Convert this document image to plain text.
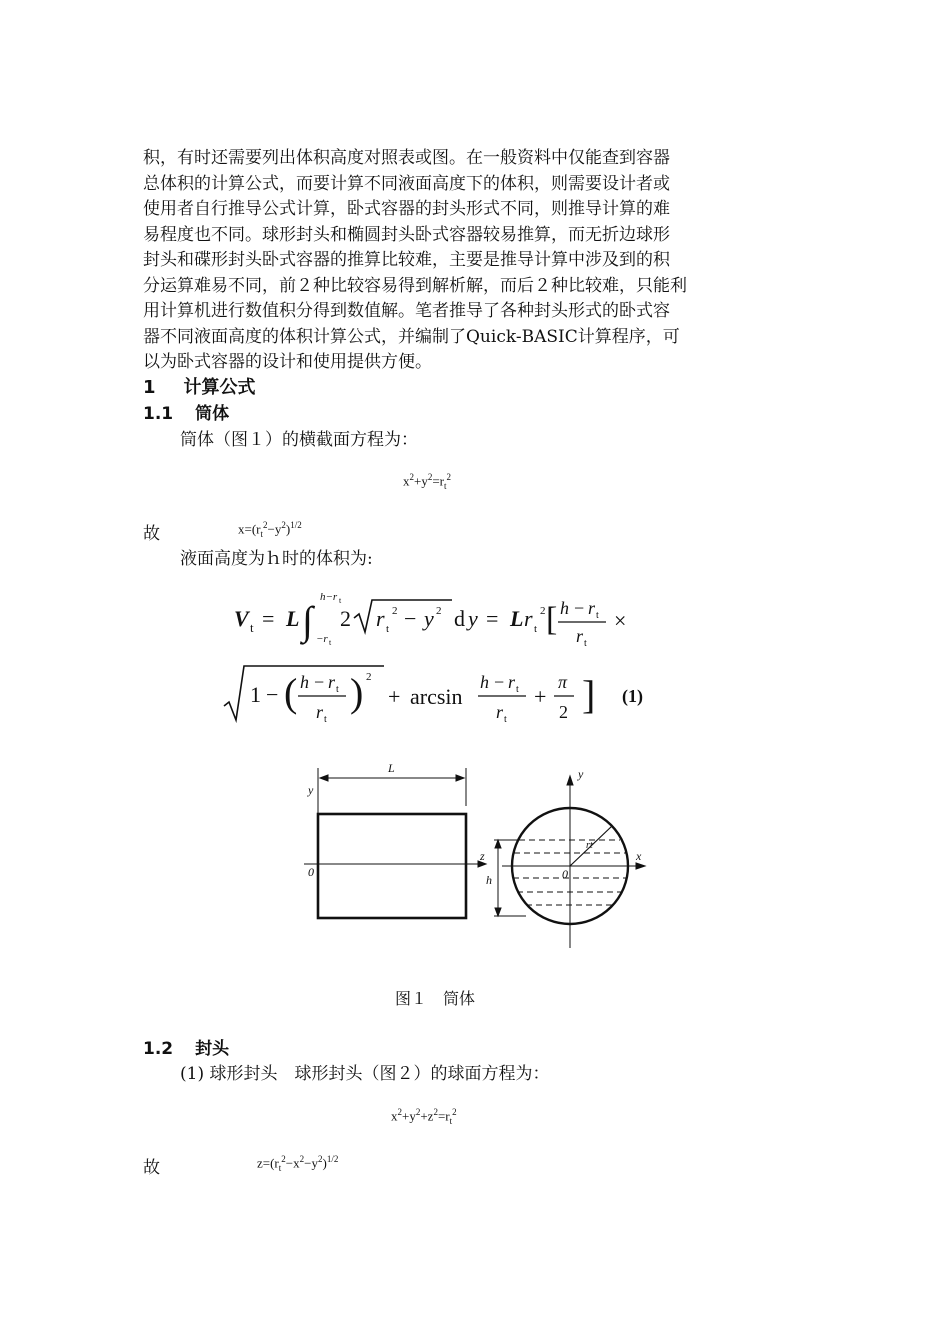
积，有时还需要列出体积高度对照表或图。在一般资料中仅能查到容器
总体积的计算公式，而要计算不同液面高度下的体积，则需要设计者或
使用者自行推导公式计算，卧式容器的封头形式不同，则推导计算的难
易程度也不同。球形封头和椭圆封头卧式容器较易推算，而无折边球形
封头和碟形封头卧式容器的推算比较难，主要是推导计算中涉及到的积
分运算难易不同，前２种比较容易得到解析解，而后２种比较难，只能利
用计算机进行数值积分得到数值解。笔者推导了各种封头形式的卧式容
器不同液面高度的体积计算公式，并编制了Quick-BASIC计算程序，可
以为卧式容器的设计和使用提供方便。
1 计算公式
1.1 筒体
筒体（图１）的横截面方程为：
$x^2+y^2=r_t^2$
故	$x=(r_t^2-y^2)^{1/2}$
液面高度为ｈ时的体积为:
V t = L ∫
h−r t
−r t
2 r t
2 − y 2 d y = L r t
2 [ h − r t
r t
×
1 − ( h − r t
r t
) 2
+ arcsin
h − r t
r t
+
π
2 ] (1)
L
y
0
z
h
y
x
0
rt
图１　筒体
1.2 封头
(1) 球形封头　球形封头（图２）的球面方程为：
$x^2+y^2+z^2=r_t^2$
故	$z=(r_t^2-x^2-y^2)^{1/2}$
